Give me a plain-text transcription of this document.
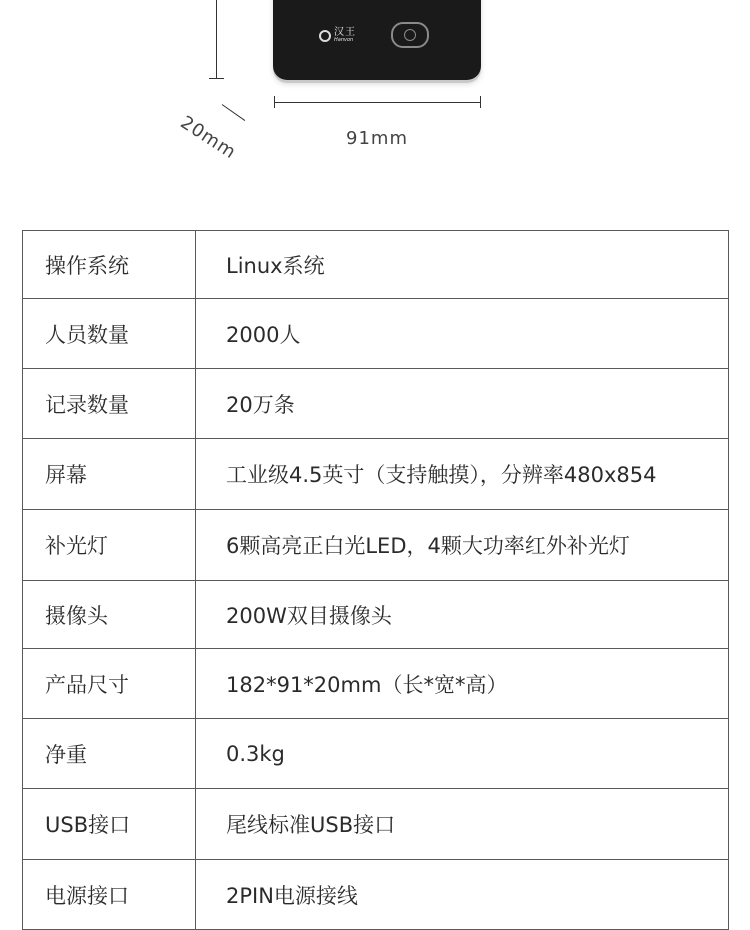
汉王
Hanvon
20mm	91mm
操作系统	Linux系统
人员数量	2000人
记录数量	20万条
屏幕	工业级4.5英寸（支持触摸），分辨率480x854
补光灯	6颗高亮正白光LED，4颗大功率红外补光灯
摄像头	200W双目摄像头
产品尺寸	182*91*20mm（长*宽*高）
净重	0.3kg
USB接口	尾线标准USB接口
电源接口	2PIN电源接线
